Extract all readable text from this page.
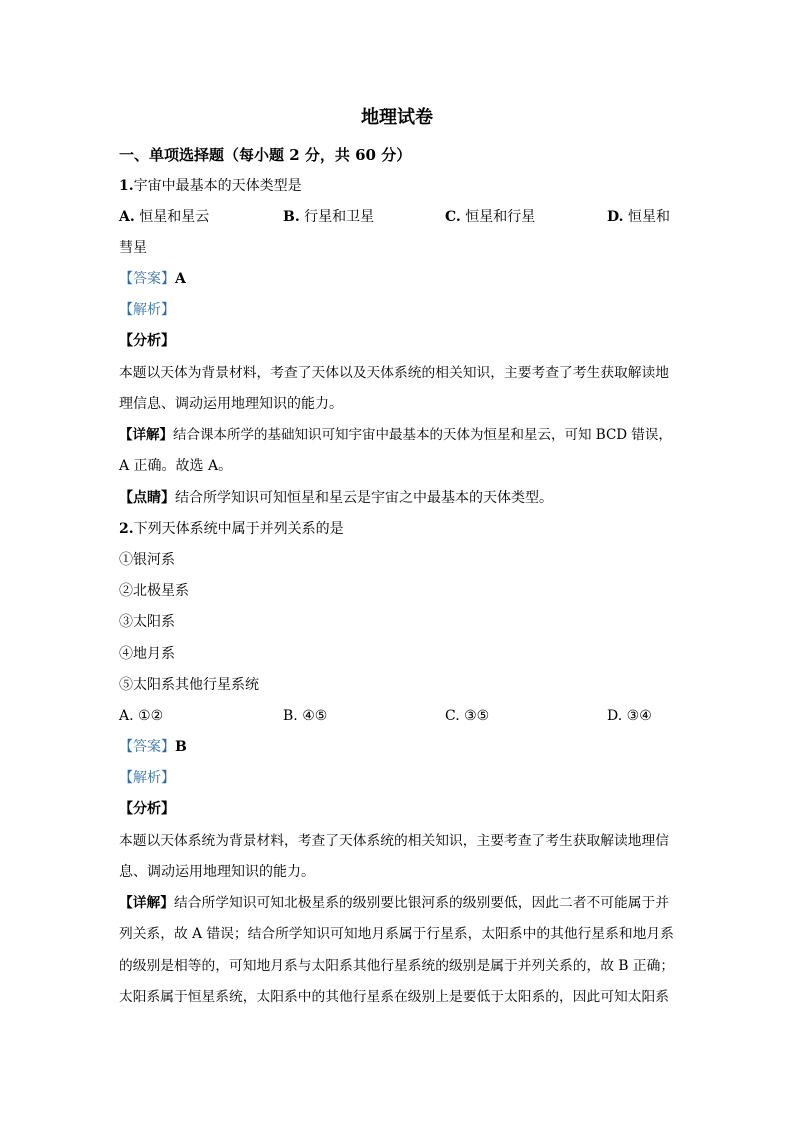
地理试卷
一、单项选择题（每小题 2 分，共 60 分）
1.宇宙中最基本的天体类型是
A. 恒星和星云	B. 行星和卫星	C. 恒星和行星	D. 恒星和
彗星
【答案】A
【解析】
【分析】
本题以天体为背景材料，考查了天体以及天体系统的相关知识，主要考查了考生获取解读地
理信息、调动运用地理知识的能力。
【详解】结合课本所学的基础知识可知宇宙中最基本的天体为恒星和星云，可知 BCD 错误，
A 正确。故选 A。
【点睛】结合所学知识可知恒星和星云是宇宙之中最基本的天体类型。
2.下列天体系统中属于并列关系的是
①银河系
②北极星系
③太阳系
④地月系
⑤太阳系其他行星系统
A. ①②	B. ④⑤	C. ③⑤	D. ③④
【答案】B
【解析】
【分析】
本题以天体系统为背景材料，考查了天体系统的相关知识，主要考查了考生获取解读地理信
息、调动运用地理知识的能力。
【详解】结合所学知识可知北极星系的级别要比银河系的级别要低，因此二者不可能属于并
列关系，故 A 错误；结合所学知识可知地月系属于行星系，太阳系中的其他行星系和地月系
的级别是相等的，可知地月系与太阳系其他行星系统的级别是属于并列关系的，故 B 正确；
太阳系属于恒星系统，太阳系中的其他行星系在级别上是要低于太阳系的，因此可知太阳系
